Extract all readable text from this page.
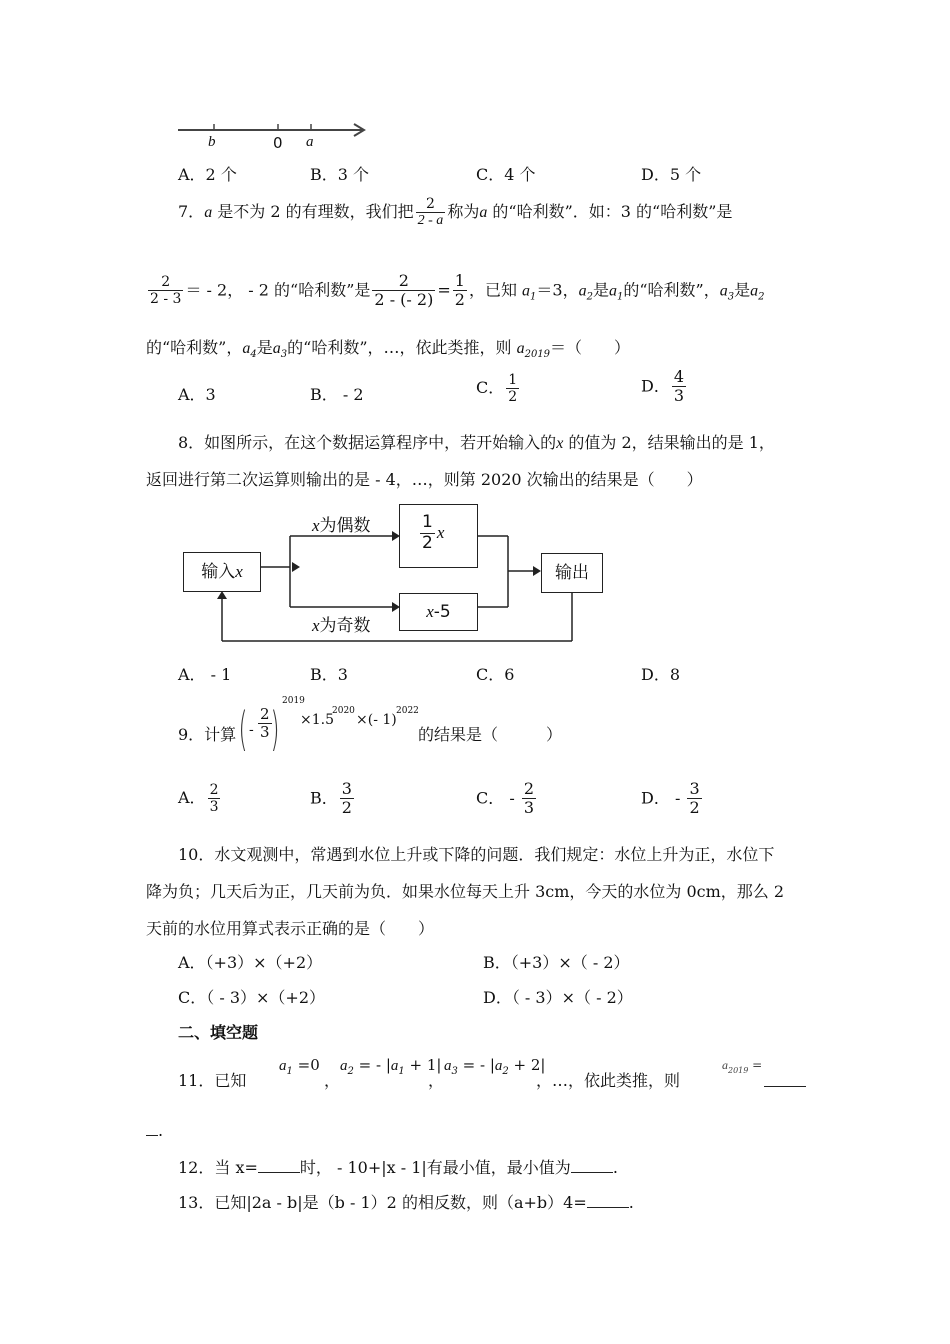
b	0 a
A．2 个	B．3 个	C．4 个	D．5 个
7．a 是不为 2 的有理数，我们把 $\frac{2}{2 - a}$ 称为a 的“哈利数”．如：3 的“哈利数”是
$\frac{2}{2 - 3}$ ＝ - 2， - 2 的“哈利数”是 $\frac{2}{2 - (- 2)} = \frac{1}{2}$ ，已知 $a_1=3$，$a_2$是$a_1$的“哈利数”，$a_3$是$a_2$
的“哈利数”，$a_4$是$a_3$的“哈利数”，…，依此类推，则 $a_{2019}=$（　　）
A．3	B． - 2	C． $\frac{1}{2}$	D． $\frac{4}{3}$
8．如图所示，在这个数据运算程序中，若开始输入的x 的值为 2，结果输出的是 1，
返回进行第二次运算则输出的是 - 4，…，则第 2020 次输出的结果是（　　）
输入x
$\frac{1}{2}$ x
x-5
输出
x为偶数
x为奇数
A． - 1	B．3	C．6	D．8
9．计算 ( - $\frac{2}{3}$
)
2019
×1.5
2020
×(- 1)
2022
的结果是（　　　）
A． $\frac{2}{3}$	B． $\frac{3}{2}$	C． - $\frac{2}{3}$	D． - $\frac{3}{2}$
10．水文观测中，常遇到水位上升或下降的问题．我们规定：水位上升为正，水位下
降为负；几天后为正，几天前为负．如果水位每天上升 3cm，今天的水位为 0cm，那么 2
天前的水位用算式表示正确的是（　　）
A．（+3）×（+2）	B．（+3）×（ - 2）
C．（ - 3）×（+2）	D．（ - 3）×（ - 2）
二、填空题
11．已知
$a_1 =0$
，
$a_2$ = - $|a_1 + 1|$
，
$a_3$ = - $|a_2 + 2|$
，…，依此类推，则
$a_{2019}$ =
.
12．当 x=	时， - 10+|x - 1|有最小值，最小值为	.
13．已知|2a - b|是（b - 1）2 的相反数，则（a+b）4=	.
